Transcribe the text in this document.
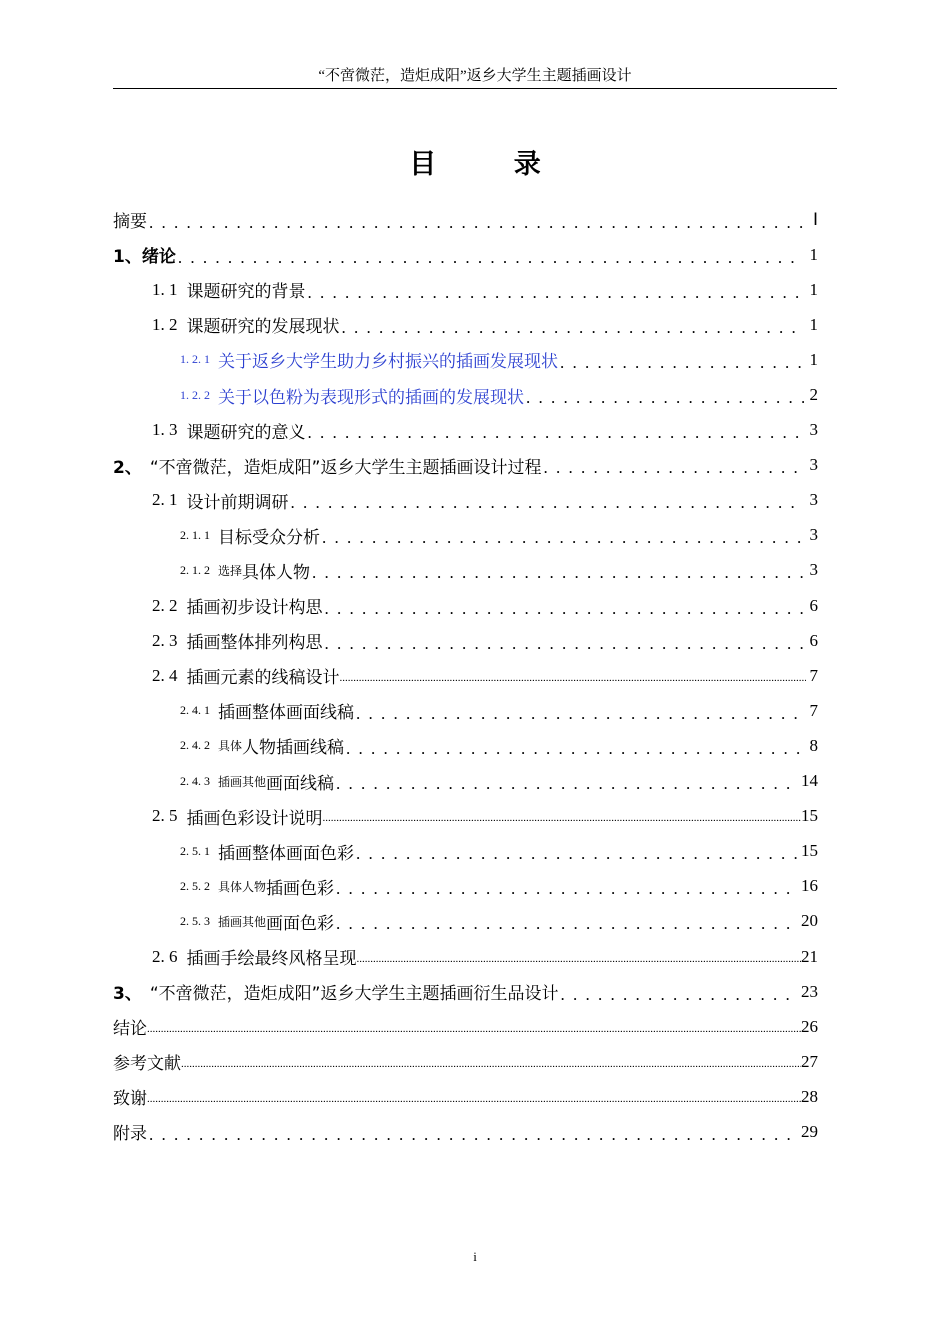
“不啻微茫，造炬成阳”返乡大学生主题插画设计
目 录
摘要 . . .	Ⅰ
1、 绪论 . . .	1
1. 1 课题研究的背景 . . .	1
1. 2 课题研究的发展现状 . . .	1
1. 2. 1 关于返乡大学生助力乡村振兴的插画发展现状 . . .	1
1. 2. 2 关于以色粉为表现形式的插画的发展现状 . . .	2
1. 3 课题研究的意义 . . .	3
2、 “不啻微茫，造炬成阳”返乡大学生主题插画设计过程 . . .	3
2. 1 设计前期调研 . . .	3
2. 1. 1 目标受众分析 . . .	3
2. 1. 2 选择 具体人物 . . .	3
2. 2 插画初步设计构思 . . .	6
2. 3 插画整体排列构思 . . .	6
2. 4 插画元素的线稿设计 .....	7
2. 4. 1 插画整体画面线稿 . . .	7
2. 4. 2 具体 人物插画线稿 . . .	8
2. 4. 3 插画其他 画面线稿 . . .	14
2. 5 插画色彩设计说明 .....	15
2. 5. 1 插画整体画面色彩 . . .	15
2. 5. 2 具体人物 插画色彩 . . .	16
2. 5. 3 插画其他 画面色彩 . . .	20
2. 6 插画手绘最终风格呈现 .....	21
3、 “不啻微茫，造炬成阳”返乡大学生主题插画衍生品设计 . . .	23
结论 .....	26
参考文献 .....	27
致谢 .....	28
附录 . . .	29
i
